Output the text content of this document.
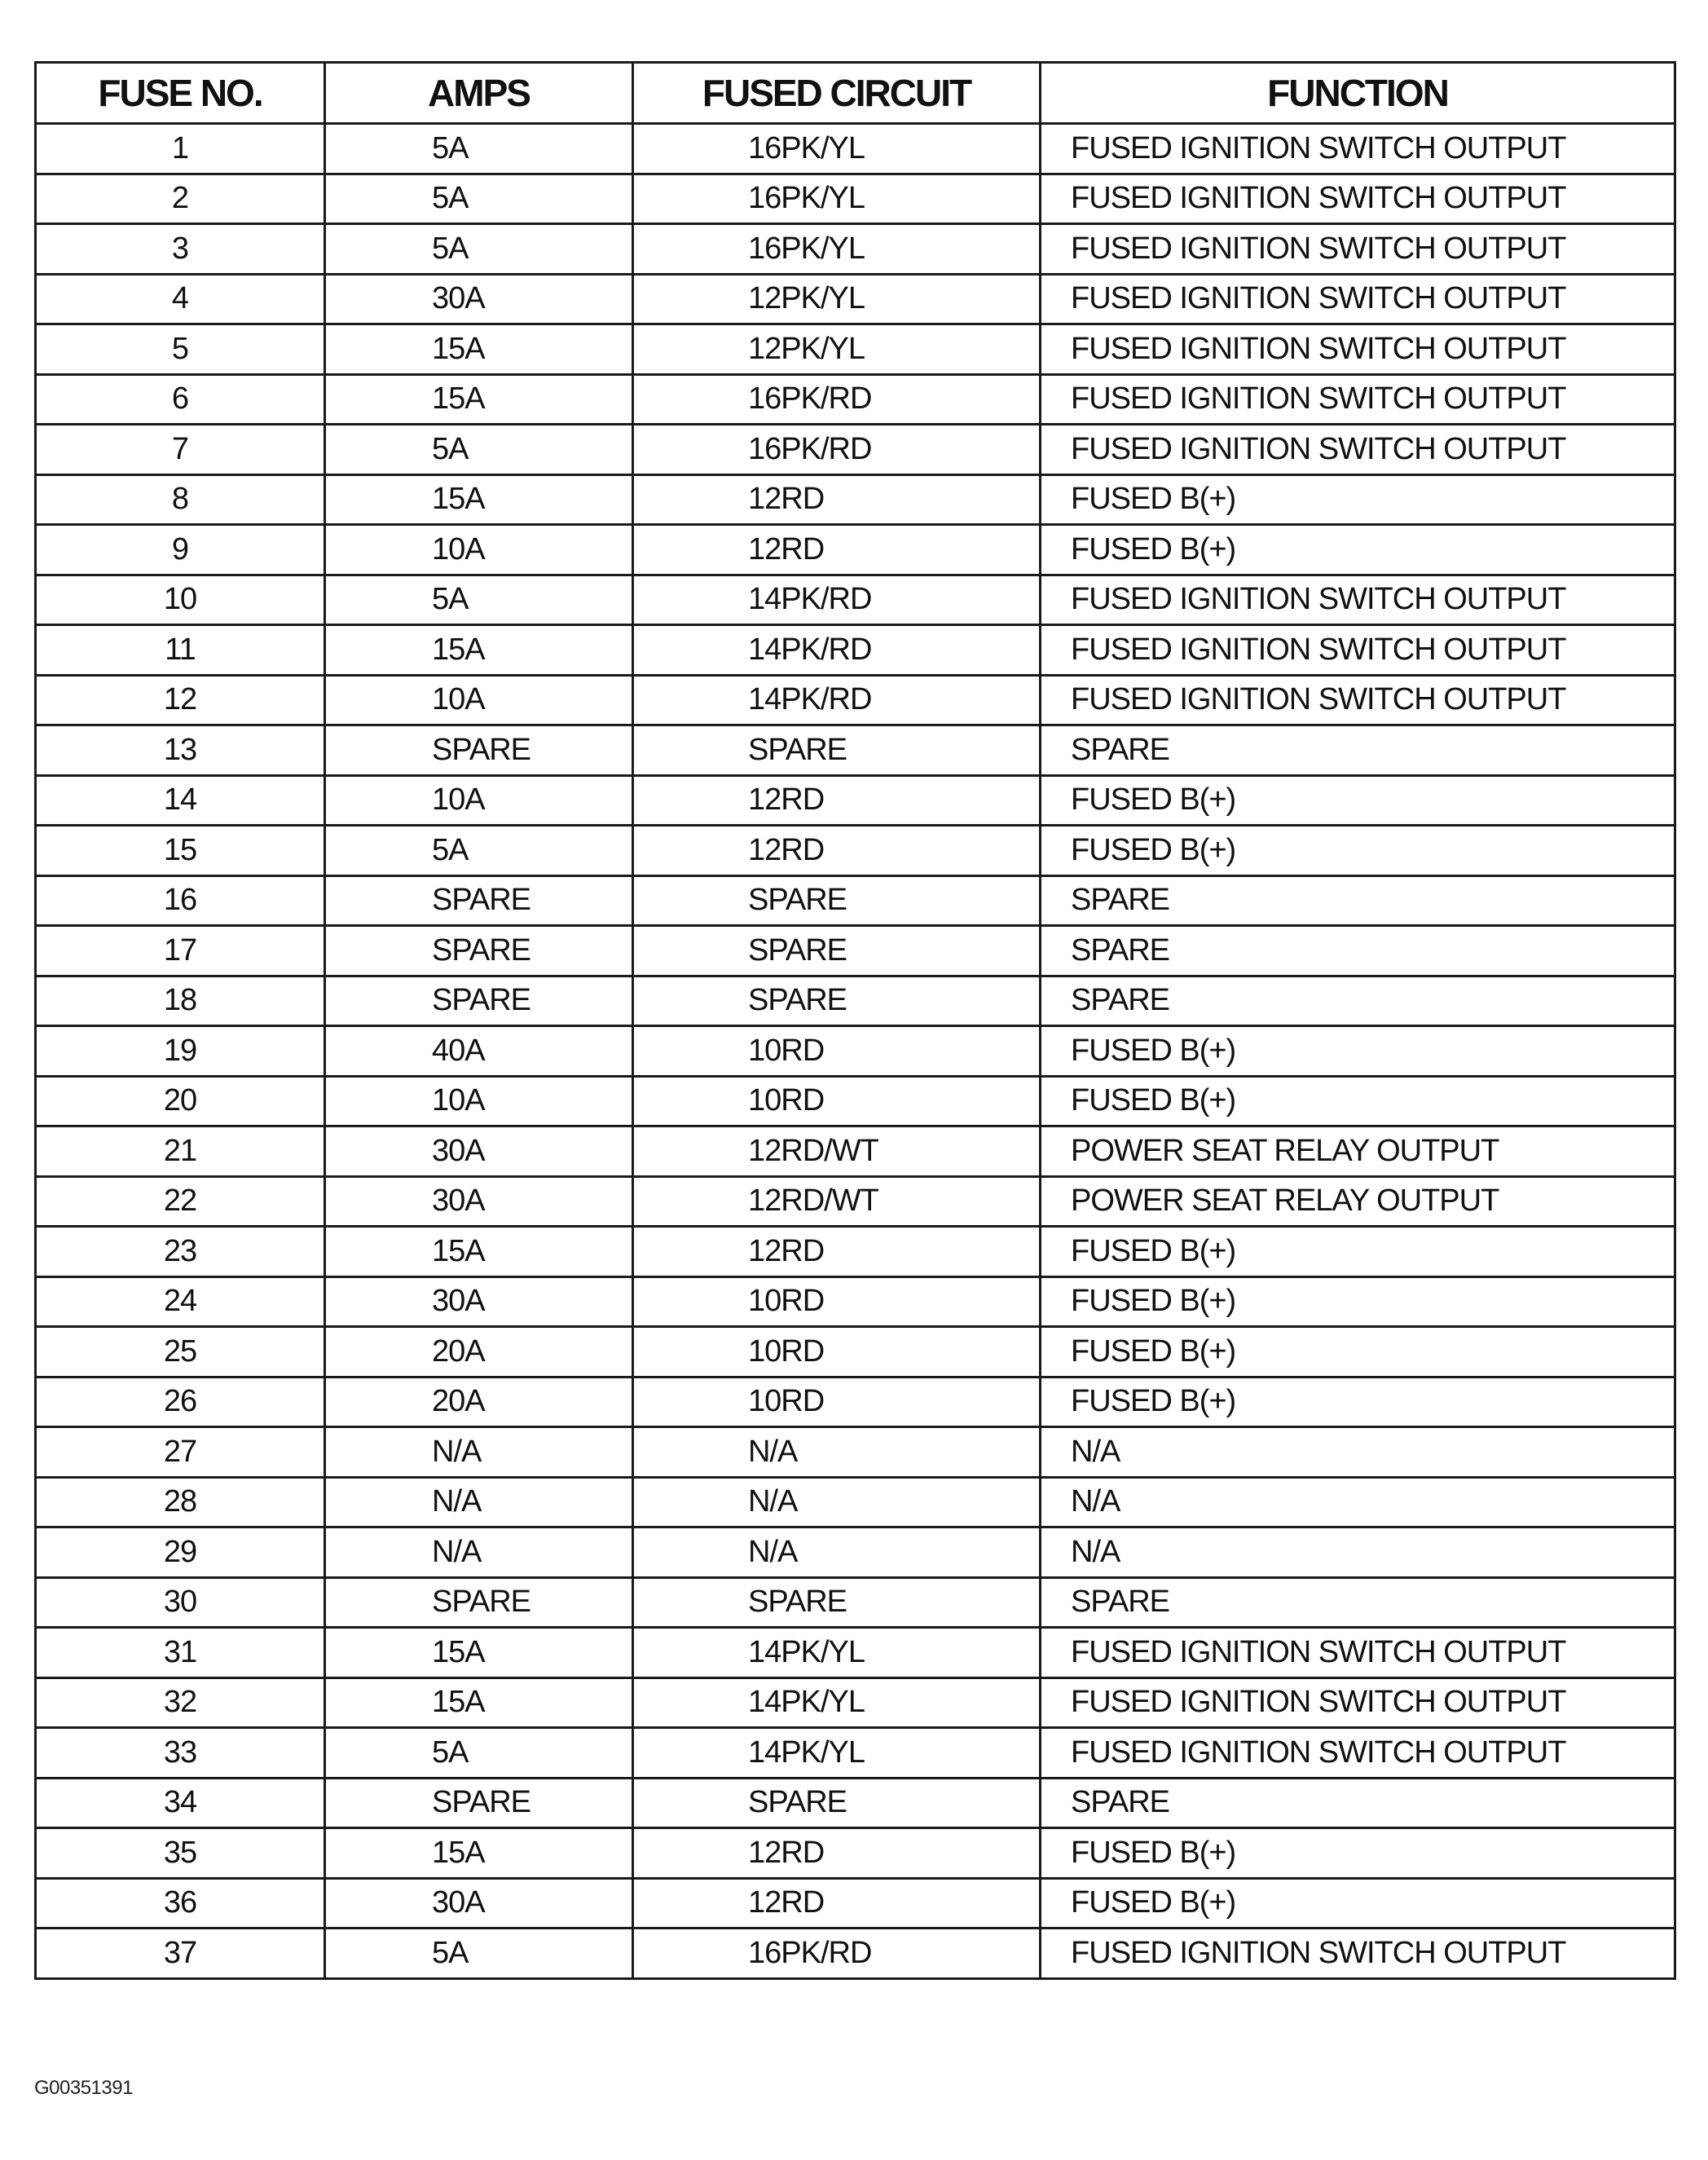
FUSE NO.	AMPS	FUSED CIRCUIT	FUNCTION
1	5A	16PK/YL	FUSED IGNITION SWITCH OUTPUT
2	5A	16PK/YL	FUSED IGNITION SWITCH OUTPUT
3	5A	16PK/YL	FUSED IGNITION SWITCH OUTPUT
4	30A	12PK/YL	FUSED IGNITION SWITCH OUTPUT
5	15A	12PK/YL	FUSED IGNITION SWITCH OUTPUT
6	15A	16PK/RD	FUSED IGNITION SWITCH OUTPUT
7	5A	16PK/RD	FUSED IGNITION SWITCH OUTPUT
8	15A	12RD	FUSED B(+)
9	10A	12RD	FUSED B(+)
10	5A	14PK/RD	FUSED IGNITION SWITCH OUTPUT
11	15A	14PK/RD	FUSED IGNITION SWITCH OUTPUT
12	10A	14PK/RD	FUSED IGNITION SWITCH OUTPUT
13	SPARE	SPARE	SPARE
14	10A	12RD	FUSED B(+)
15	5A	12RD	FUSED B(+)
16	SPARE	SPARE	SPARE
17	SPARE	SPARE	SPARE
18	SPARE	SPARE	SPARE
19	40A	10RD	FUSED B(+)
20	10A	10RD	FUSED B(+)
21	30A	12RD/WT	POWER SEAT RELAY OUTPUT
22	30A	12RD/WT	POWER SEAT RELAY OUTPUT
23	15A	12RD	FUSED B(+)
24	30A	10RD	FUSED B(+)
25	20A	10RD	FUSED B(+)
26	20A	10RD	FUSED B(+)
27	N/A	N/A	N/A
28	N/A	N/A	N/A
29	N/A	N/A	N/A
30	SPARE	SPARE	SPARE
31	15A	14PK/YL	FUSED IGNITION SWITCH OUTPUT
32	15A	14PK/YL	FUSED IGNITION SWITCH OUTPUT
33	5A	14PK/YL	FUSED IGNITION SWITCH OUTPUT
34	SPARE	SPARE	SPARE
35	15A	12RD	FUSED B(+)
36	30A	12RD	FUSED B(+)
37	5A	16PK/RD	FUSED IGNITION SWITCH OUTPUT
G00351391
